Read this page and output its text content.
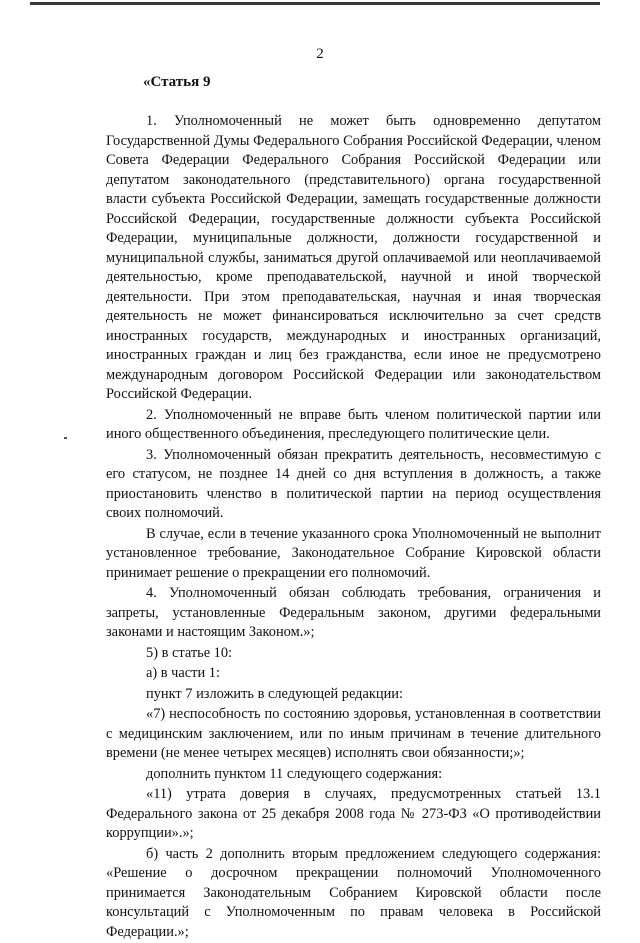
2
«Статья 9

1. Уполномоченный не может быть одновременно депутатом Государственной Думы Федерального Собрания Российской Федерации, членом Совета Федерации Федерального Собрания Российской Федерации или депутатом законодательного (представительного) органа государственной власти субъекта Российской Федерации, замещать государственные должности Российской Федерации, государственные должности субъекта Российской Федерации, муниципальные должности, должности государственной и муниципальной службы, заниматься другой оплачиваемой или неоплачиваемой деятельностью, кроме преподавательской, научной и иной творческой деятельности. При этом преподавательская, научная и иная творческая деятельность не может финансироваться исключительно за счет средств иностранных государств, международных и иностранных организаций, иностранных граждан и лиц без гражданства, если иное не предусмотрено международным договором Российской Федерации или законодательством Российской Федерации.

2. Уполномоченный не вправе быть членом политической партии или иного общественного объединения, преследующего политические цели.

3. Уполномоченный обязан прекратить деятельность, несовместимую с его статусом, не позднее 14 дней со дня вступления в должность, а также приостановить членство в политической партии на период осуществления своих полномочий.

В случае, если в течение указанного срока Уполномоченный не выполнит установленное требование, Законодательное Собрание Кировской области принимает решение о прекращении его полномочий.

4. Уполномоченный обязан соблюдать требования, ограничения и запреты, установленные Федеральным законом, другими федеральными законами и настоящим Законом.»;

5) в статье 10:

а) в части 1:

пункт 7 изложить в следующей редакции:

«7) неспособность по состоянию здоровья, установленная в соответствии с медицинским заключением, или по иным причинам в течение длительного времени (не менее четырех месяцев) исполнять свои обязанности;»;

дополнить пунктом 11 следующего содержания:

«11) утрата доверия в случаях, предусмотренных статьей 13.1 Федерального закона от 25 декабря 2008 года № 273-ФЗ «О противодействии коррупции».»;

б) часть 2 дополнить вторым предложением следующего содержания: «Решение о досрочном прекращении полномочий Уполномоченного принимается Законодательным Собранием Кировской области после консультаций с Уполномоченным по правам человека в Российской Федерации.»;
